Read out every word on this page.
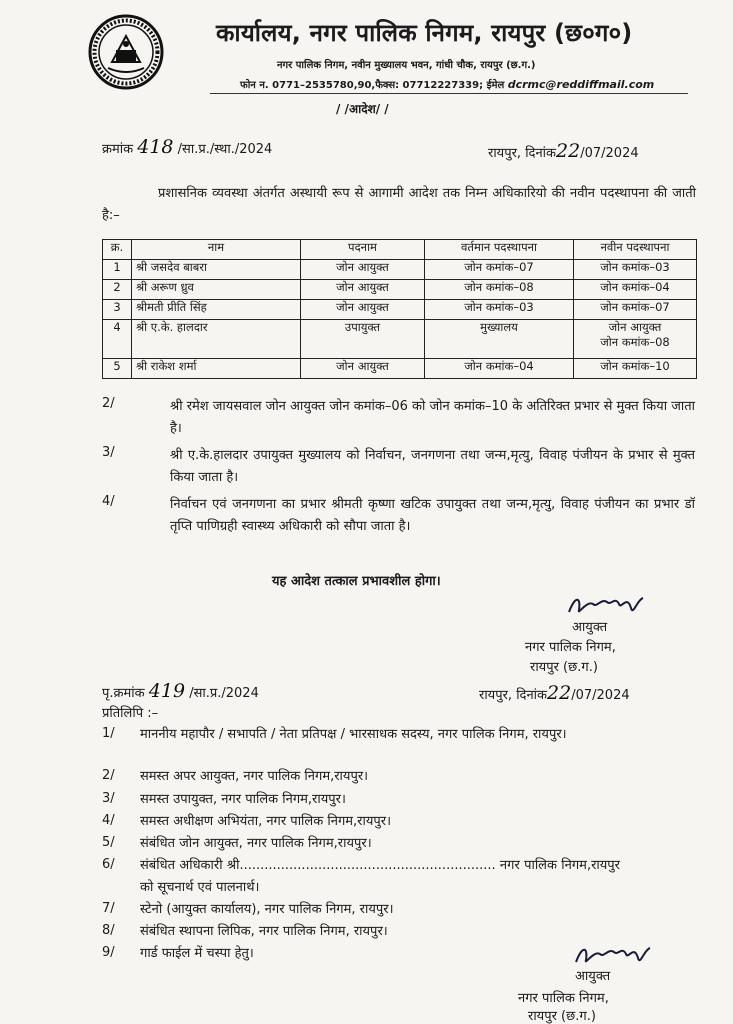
कार्यालय, नगर पालिक निगम, रायपुर (छ०ग०)
नगर पालिक निगम, नवीन मुख्यालय भवन, गांधी चौक, रायपुर (छ.ग.)
फोन न. 0771–2535780,90,फैक्स: 07712227339; ईमेल dcrmc@reddiffmail.com
/ /आदेश/ /
क्रमांक 418 /सा.प्र./स्था./2024	रायपुर, दिनांक22/07/2024
प्रशासनिक व्यवस्था अंतर्गत अस्थायी रूप से आगामी आदेश तक निम्न अधिकारियो की नवीन पदस्थापना की जाती है:–
क्र.	नाम	पदनाम	वर्तमान पदस्थापना	नवीन पदस्थापना
1	श्री जसदेव बाबरा	जोन आयुक्त	जोन कमांक–07	जोन कमांक–03

2	श्री अरूण ध्रुव	जोन आयुक्त	जोन कमांक–08	जोन कमांक–04

3	श्रीमती प्रीति सिंह	जोन आयुक्त	जोन कमांक–03	जोन कमांक–07

4	श्री ए.के. हालदार	उपायुक्त	मुख्यालय	जोन आयुक्त
जोन कमांक–08

5	श्री राकेश शर्मा	जोन आयुक्त	जोन कमांक–04	जोन कमांक–10
2/	श्री रमेश जायसवाल जोन आयुक्त जोन कमांक–06 को जोन कमांक–10 के अतिरिक्त प्रभार से मुक्त किया जाता है।
3/	श्री ए.के.हालदार उपायुक्त मुख्यालय को निर्वाचन, जनगणना तथा जन्म,मृत्यु, विवाह पंजीयन के प्रभार से मुक्त किया जाता है।
4/	निर्वाचन एवं जनगणना का प्रभार श्रीमती कृष्णा खटिक उपायुक्त तथा जन्म,मृत्यु, विवाह पंजीयन का प्रभार डॉ तृप्ति पाणिग्रही स्वास्थ्य अधिकारी को सौपा जाता है।
यह आदेश तत्काल प्रभावशील होगा।
आयुक्त
नगर पालिक निगम,
रायपुर (छ.ग.)
पृ.क्रमांक 419 /सा.प्र./2024	रायपुर, दिनांक22/07/2024
प्रतिलिपि :–
1/ माननीय महापौर / सभापति / नेता प्रतिपक्ष / भारसाधक सदस्य, नगर पालिक निगम, रायपुर।
2/ समस्त अपर आयुक्त, नगर पालिक निगम,रायपुर।
3/ समस्त उपायुक्त, नगर पालिक निगम,रायपुर।
4/ समस्त अधीक्षण अभियंता, नगर पालिक निगम,रायपुर।
5/ संबंधित जोन आयुक्त, नगर पालिक निगम,रायपुर।
6/ संबंधित अधिकारी श्री.............................................................. नगर पालिक निगम,रायपुर को सूचनार्थ एवं पालनार्थ।
7/ स्टेनो (आयुक्त कार्यालय), नगर पालिक निगम, रायपुर।
8/ संबंधित स्थापना लिपिक, नगर पालिक निगम, रायपुर।
9/ गार्ड फाईल में चस्पा हेतु।
आयुक्त
नगर पालिक निगम,
रायपुर (छ.ग.)
